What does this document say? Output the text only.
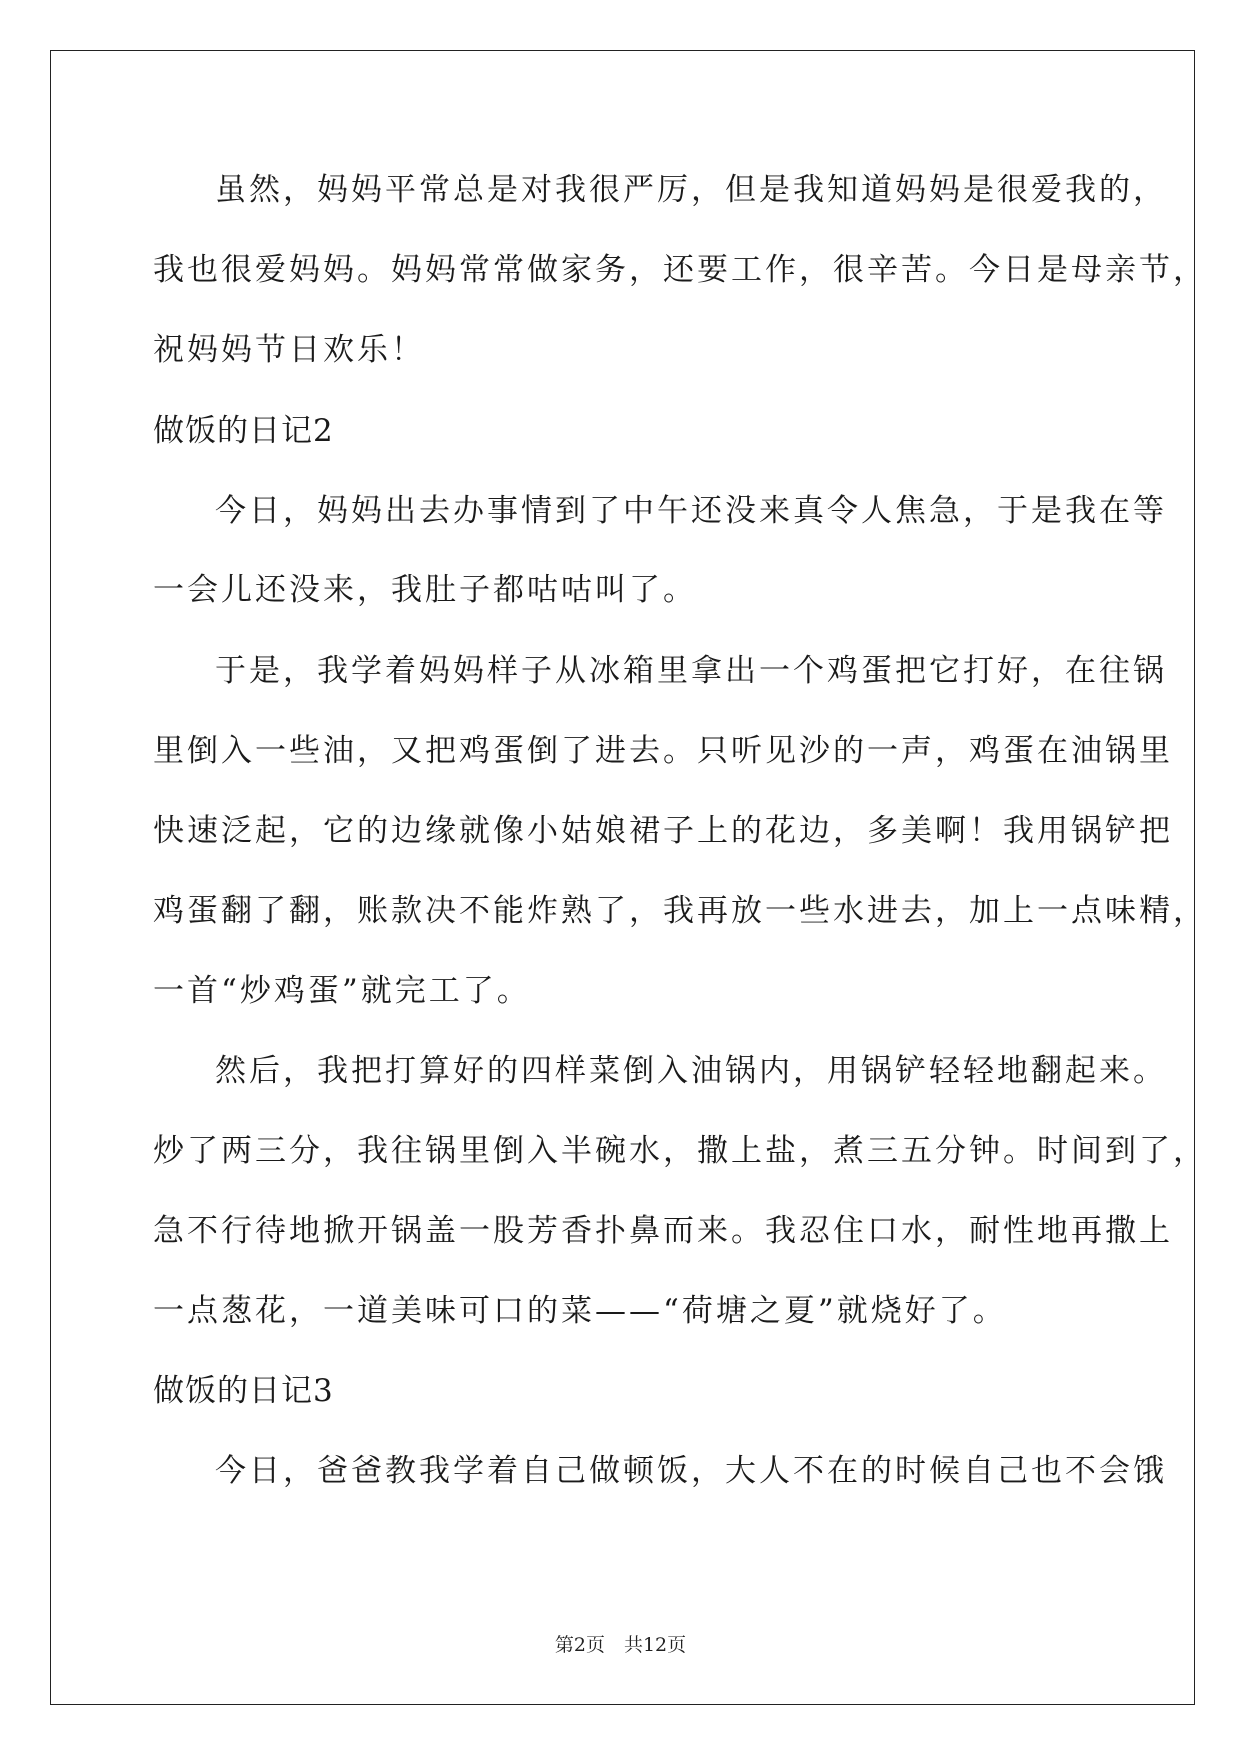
虽然，妈妈平常总是对我很严厉，但是我知道妈妈是很爱我的，
我也很爱妈妈。妈妈常常做家务，还要工作，很辛苦。今日是母亲节，
祝妈妈节日欢乐！
做饭的日记2
今日，妈妈出去办事情到了中午还没来真令人焦急，于是我在等
一会儿还没来，我肚子都咕咕叫了。
于是，我学着妈妈样子从冰箱里拿出一个鸡蛋把它打好，在往锅
里倒入一些油，又把鸡蛋倒了进去。只听见沙的一声，鸡蛋在油锅里
快速泛起，它的边缘就像小姑娘裙子上的花边，多美啊！我用锅铲把
鸡蛋翻了翻，账款决不能炸熟了，我再放一些水进去，加上一点味精，
一首“炒鸡蛋”就完工了。
然后，我把打算好的四样菜倒入油锅内，用锅铲轻轻地翻起来。
炒了两三分，我往锅里倒入半碗水，撒上盐，煮三五分钟。时间到了，
急不行待地掀开锅盖一股芳香扑鼻而来。我忍住口水，耐性地再撒上
一点葱花，一道美味可口的菜——“荷塘之夏”就烧好了。
做饭的日记3
今日，爸爸教我学着自己做顿饭，大人不在的时候自己也不会饿
第2页　共12页
